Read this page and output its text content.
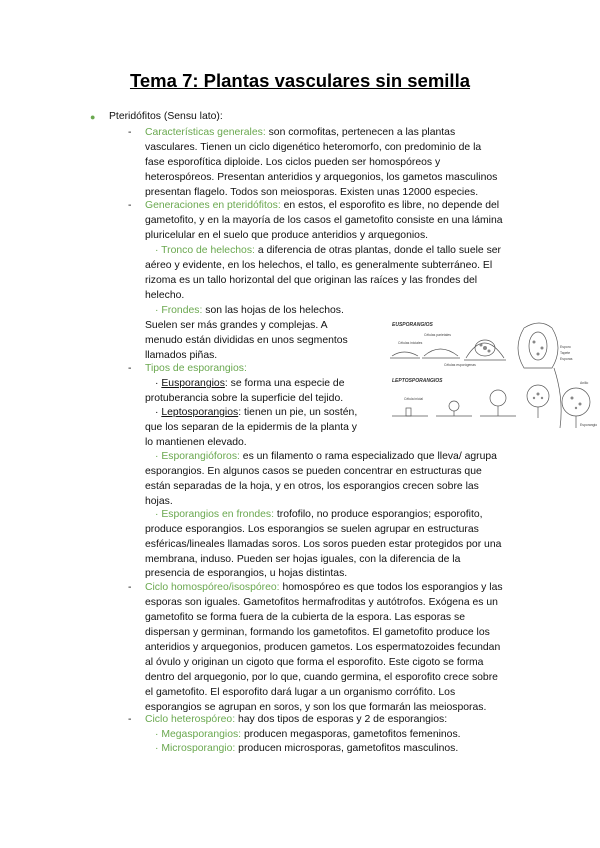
Tema 7: Plantas vasculares sin semilla
● Pteridófitos (Sensu lato):
- Características generales: son cormofitas, pertenecen a las plantas
vasculares. Tienen un ciclo digenético heteromorfo, con predominio de la
fase esporofítica diploide. Los ciclos pueden ser homospóreos y
heterospóreos. Presentan anteridios y arquegonios, los gametos masculinos
presentan flagelo. Todos son meiosporas. Existen unas 12000 especies.
- Generaciones en pteridófitos: en estos, el esporofito es libre, no depende del
gametofito, y en la mayoría de los casos el gametofito consiste en una lámina
pluricelular en el suelo que produce anteridios y arquegonios.
· Tronco de helechos: a diferencia de otras plantas, donde el tallo suele ser
aéreo y evidente, en los helechos, el tallo, es generalmente subterráneo. El
rizoma es un tallo horizontal del que originan las raíces y las frondes del
helecho.
· Frondes: son las hojas de los helechos.
Suelen ser más grandes y complejas. A
menudo están divididas en unos segmentos
llamados piñas.
- Tipos de esporangios:
· Eusporangios: se forma una especie de
protuberancia sobre la superficie del tejido.
· Leptosporangios: tienen un pie, un sostén,
que los separan de la epidermis de la planta y
lo mantienen elevado.
EUSPORANGIOS
LEPTOSPORANGIOS
Células parietales
Células iniciales
Células esporógenas
Esporo
Tapete
Esporas
Anillo
Célula inicial
Esporangio
· Esporangióforos: es un filamento o rama especializado que lleva/ agrupa
esporangios. En algunos casos se pueden concentrar en estructuras que
están separadas de la hoja, y en otros, los esporangios crecen sobre las
hojas.
· Esporangios en frondes: trofofilo, no produce esporangios; esporofito,
produce esporangios. Los esporangios se suelen agrupar en estructuras
esféricas/lineales llamadas soros. Los soros pueden estar protegidos por una
membrana, induso. Pueden ser hojas iguales, con la diferencia de la
presencia de esporangios, u hojas distintas.
- Ciclo homospóreo/isospóreo: homospóreo es que todos los esporangios y las
esporas son iguales. Gametofitos hermafroditas y autótrofos. Exógena es un
gametofito se forma fuera de la cubierta de la espora. Las esporas se
dispersan y germinan, formando los gametofitos. El gametofito produce los
anteridios y arquegonios, producen gametos. Los espermatozoides fecundan
al óvulo y originan un cigoto que forma el esporofito. Este cigoto se forma
dentro del arquegonio, por lo que, cuando germina, el esporofito crece sobre
el gametofito. El esporofito dará lugar a un organismo corrófito. Los
esporangios se agrupan en soros, y son los que formarán las meiosporas.
- Ciclo heterospóreo: hay dos tipos de esporas y 2 de esporangios:
· Megasporangios: producen megasporas, gametofitos femeninos.
· Microsporangio: producen microsporas, gametofitos masculinos.
